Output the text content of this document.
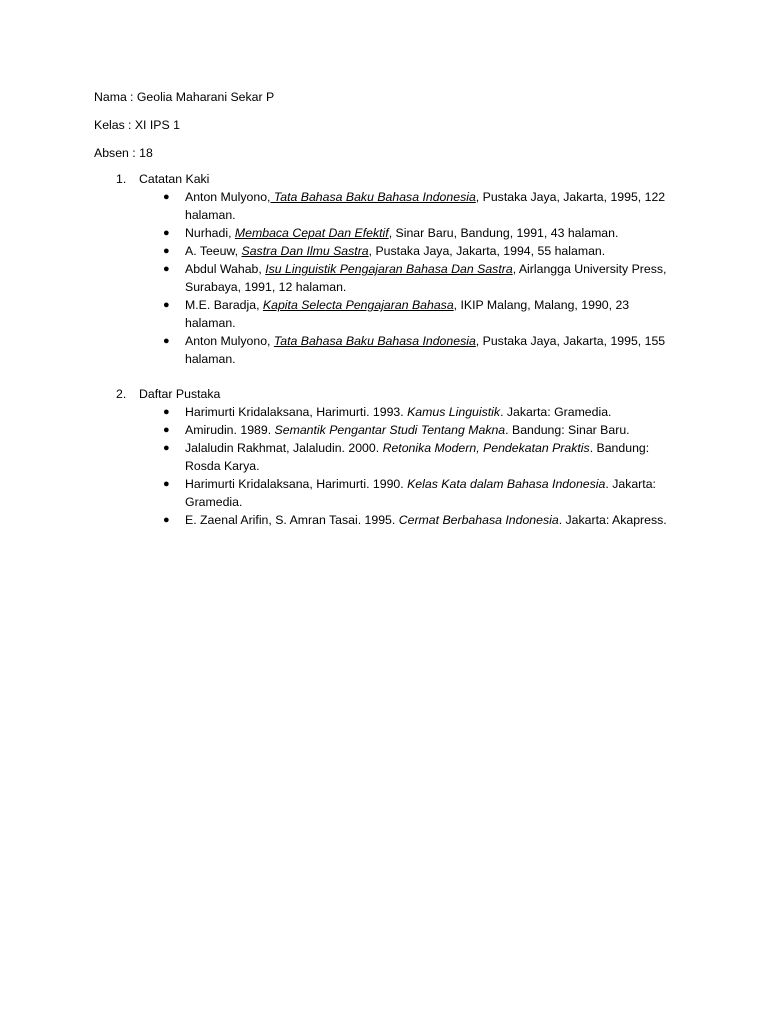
Nama : Geolia Maharani Sekar P

Kelas : XI IPS 1

Absen : 18

1. Catatan Kaki
● Anton Mulyono, Tata Bahasa Baku Bahasa Indonesia, Pustaka Jaya, Jakarta, 1995, 122 halaman.
● Nurhadi, Membaca Cepat Dan Efektif, Sinar Baru, Bandung, 1991, 43 halaman.
● A. Teeuw, Sastra Dan Ilmu Sastra, Pustaka Jaya, Jakarta, 1994, 55 halaman.
● Abdul Wahab, Isu Linguistik Pengajaran Bahasa Dan Sastra, Airlangga University Press, Surabaya, 1991, 12 halaman.
● M.E. Baradja, Kapita Selecta Pengajaran Bahasa, IKIP Malang, Malang, 1990, 23 halaman.
● Anton Mulyono, Tata Bahasa Baku Bahasa Indonesia, Pustaka Jaya, Jakarta, 1995, 155 halaman.
2. Daftar Pustaka
● Harimurti Kridalaksana, Harimurti. 1993. Kamus Linguistik. Jakarta: Gramedia.
● Amirudin. 1989. Semantik Pengantar Studi Tentang Makna. Bandung: Sinar Baru.
● Jalaludin Rakhmat, Jalaludin. 2000. Retonika Modern, Pendekatan Praktis. Bandung: Rosda Karya.
● Harimurti Kridalaksana, Harimurti. 1990. Kelas Kata dalam Bahasa Indonesia. Jakarta: Gramedia.
● E. Zaenal Arifin, S. Amran Tasai. 1995. Cermat Berbahasa Indonesia. Jakarta: Akapress.
